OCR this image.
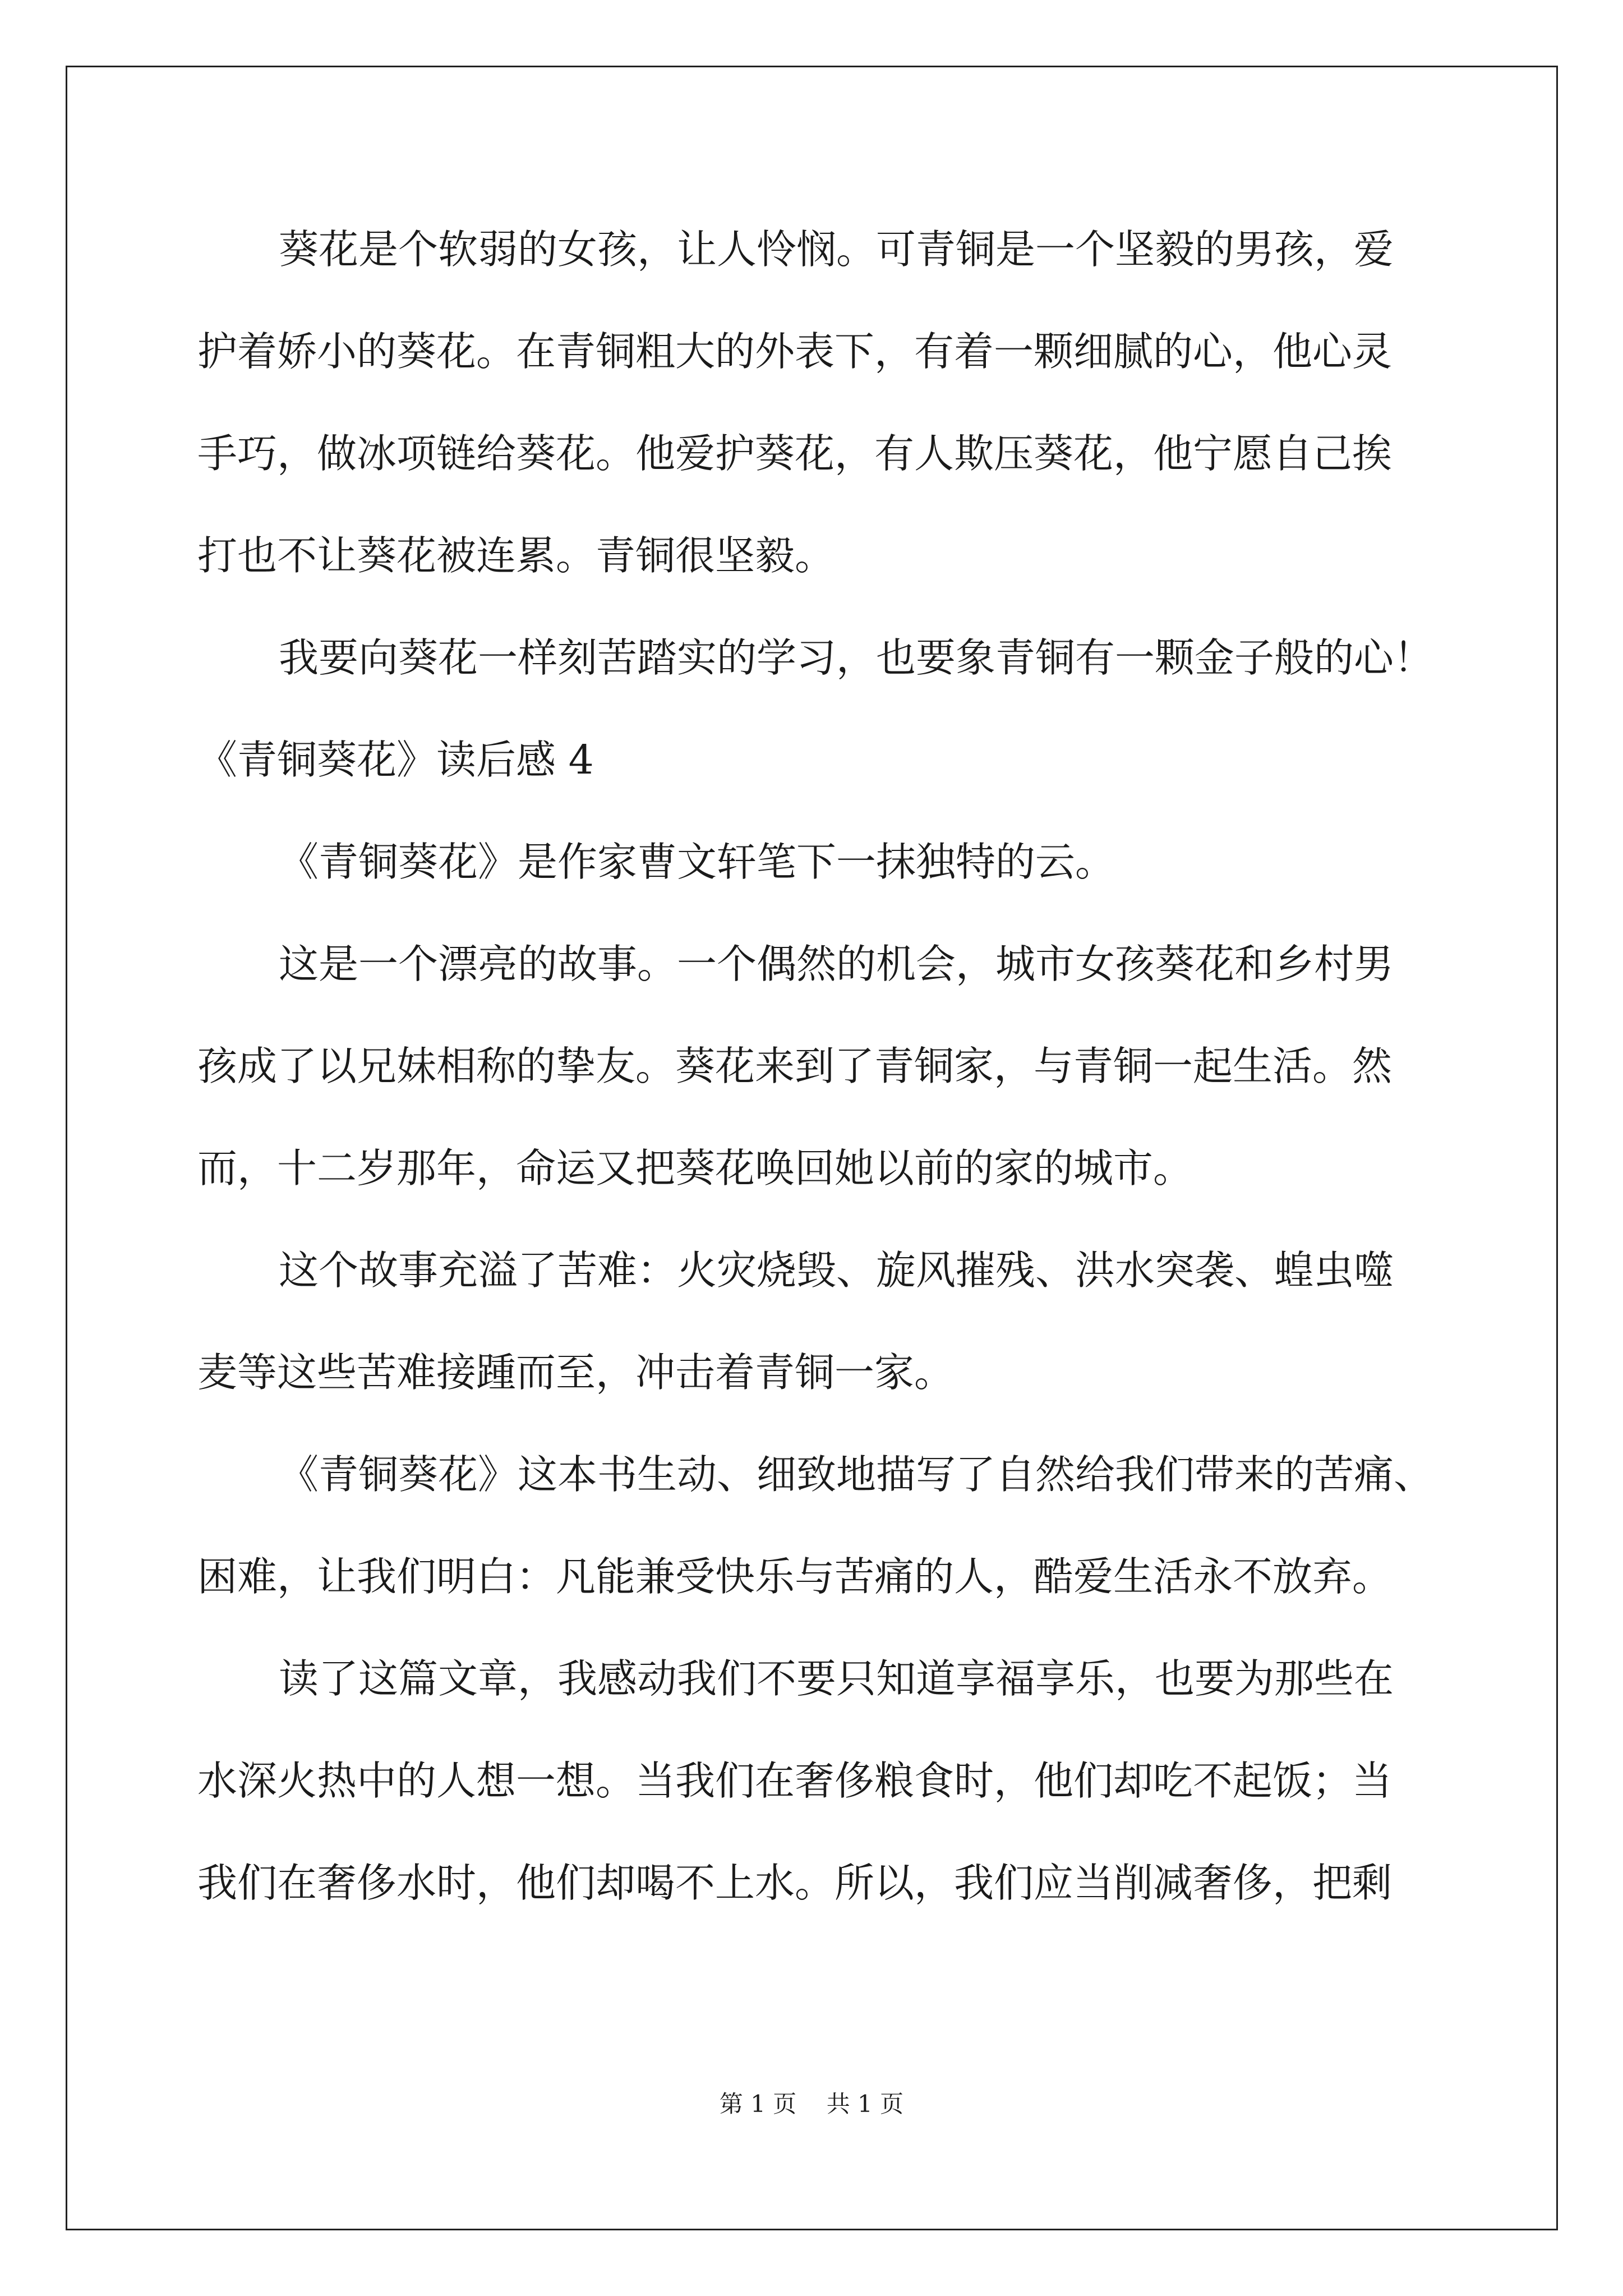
葵花是个软弱的女孩，让人怜悯。可青铜是一个坚毅的男孩，爱

护着娇小的葵花。在青铜粗大的外表下，有着一颗细腻的心，他心灵

手巧，做冰项链给葵花。他爱护葵花，有人欺压葵花，他宁愿自己挨

打也不让葵花被连累。青铜很坚毅。

我要向葵花一样刻苦踏实的学习，也要象青铜有一颗金子般的心！

《青铜葵花》读后感 4

《青铜葵花》是作家曹文轩笔下一抹独特的云。

这是一个漂亮的故事。一个偶然的机会，城市女孩葵花和乡村男

孩成了以兄妹相称的挚友。葵花来到了青铜家，与青铜一起生活。然

而，十二岁那年，命运又把葵花唤回她以前的家的城市。

这个故事充溢了苦难：火灾烧毁、旋风摧残、洪水突袭、蝗虫噬

麦等这些苦难接踵而至，冲击着青铜一家。

《青铜葵花》这本书生动、细致地描写了自然给我们带来的苦痛、

困难，让我们明白：凡能兼受快乐与苦痛的人，酷爱生活永不放弃。

读了这篇文章，我感动我们不要只知道享福享乐，也要为那些在

水深火热中的人想一想。当我们在奢侈粮食时，他们却吃不起饭；当

我们在奢侈水时，他们却喝不上水。所以，我们应当削减奢侈，把剩

第 1 页    共 1 页
